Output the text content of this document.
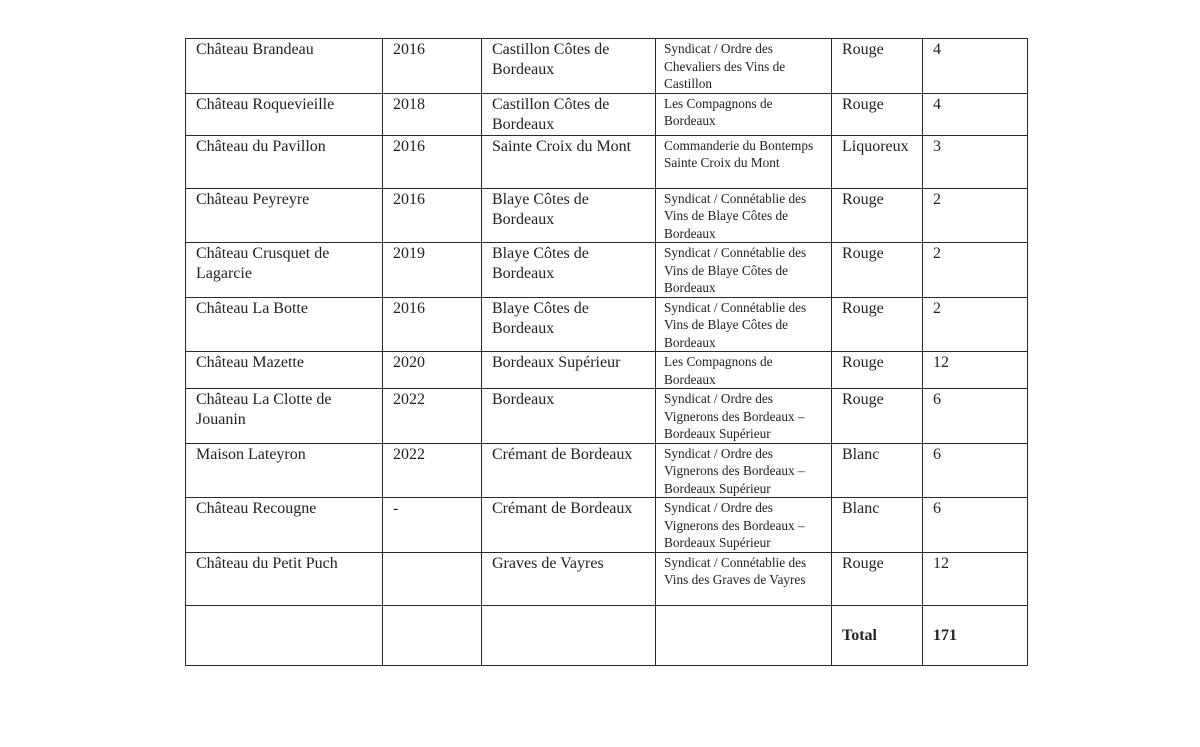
Château Brandeau	2016	Castillon Côtes de Bordeaux	Syndicat / Ordre des Chevaliers des Vins de Castillon	Rouge	4
Château Roquevieille	2018	Castillon Côtes de Bordeaux	Les Compagnons de Bordeaux	Rouge	4
Château du Pavillon	2016	Sainte Croix du Mont	Commanderie du Bontemps Sainte Croix du Mont	Liquoreux	3
Château Peyreyre	2016	Blaye Côtes de Bordeaux	Syndicat / Connétablie des Vins de Blaye Côtes de Bordeaux	Rouge	2
Château Crusquet de Lagarcie	2019	Blaye Côtes de Bordeaux	Syndicat / Connétablie des Vins de Blaye Côtes de Bordeaux	Rouge	2
Château La Botte	2016	Blaye Côtes de Bordeaux	Syndicat / Connétablie des Vins de Blaye Côtes de Bordeaux	Rouge	2
Château Mazette	2020	Bordeaux Supérieur	Les Compagnons de Bordeaux	Rouge	12
Château La Clotte de Jouanin	2022	Bordeaux	Syndicat / Ordre des Vignerons des Bordeaux – Bordeaux Supérieur	Rouge	6
Maison Lateyron	2022	Crémant de Bordeaux	Syndicat / Ordre des Vignerons des Bordeaux – Bordeaux Supérieur	Blanc	6
Château Recougne	-	Crémant de Bordeaux	Syndicat / Ordre des Vignerons des Bordeaux – Bordeaux Supérieur	Blanc	6
Château du Petit Puch		Graves de Vayres	Syndicat / Connétablie des Vins des Graves de Vayres	Rouge	12
				Total	171
